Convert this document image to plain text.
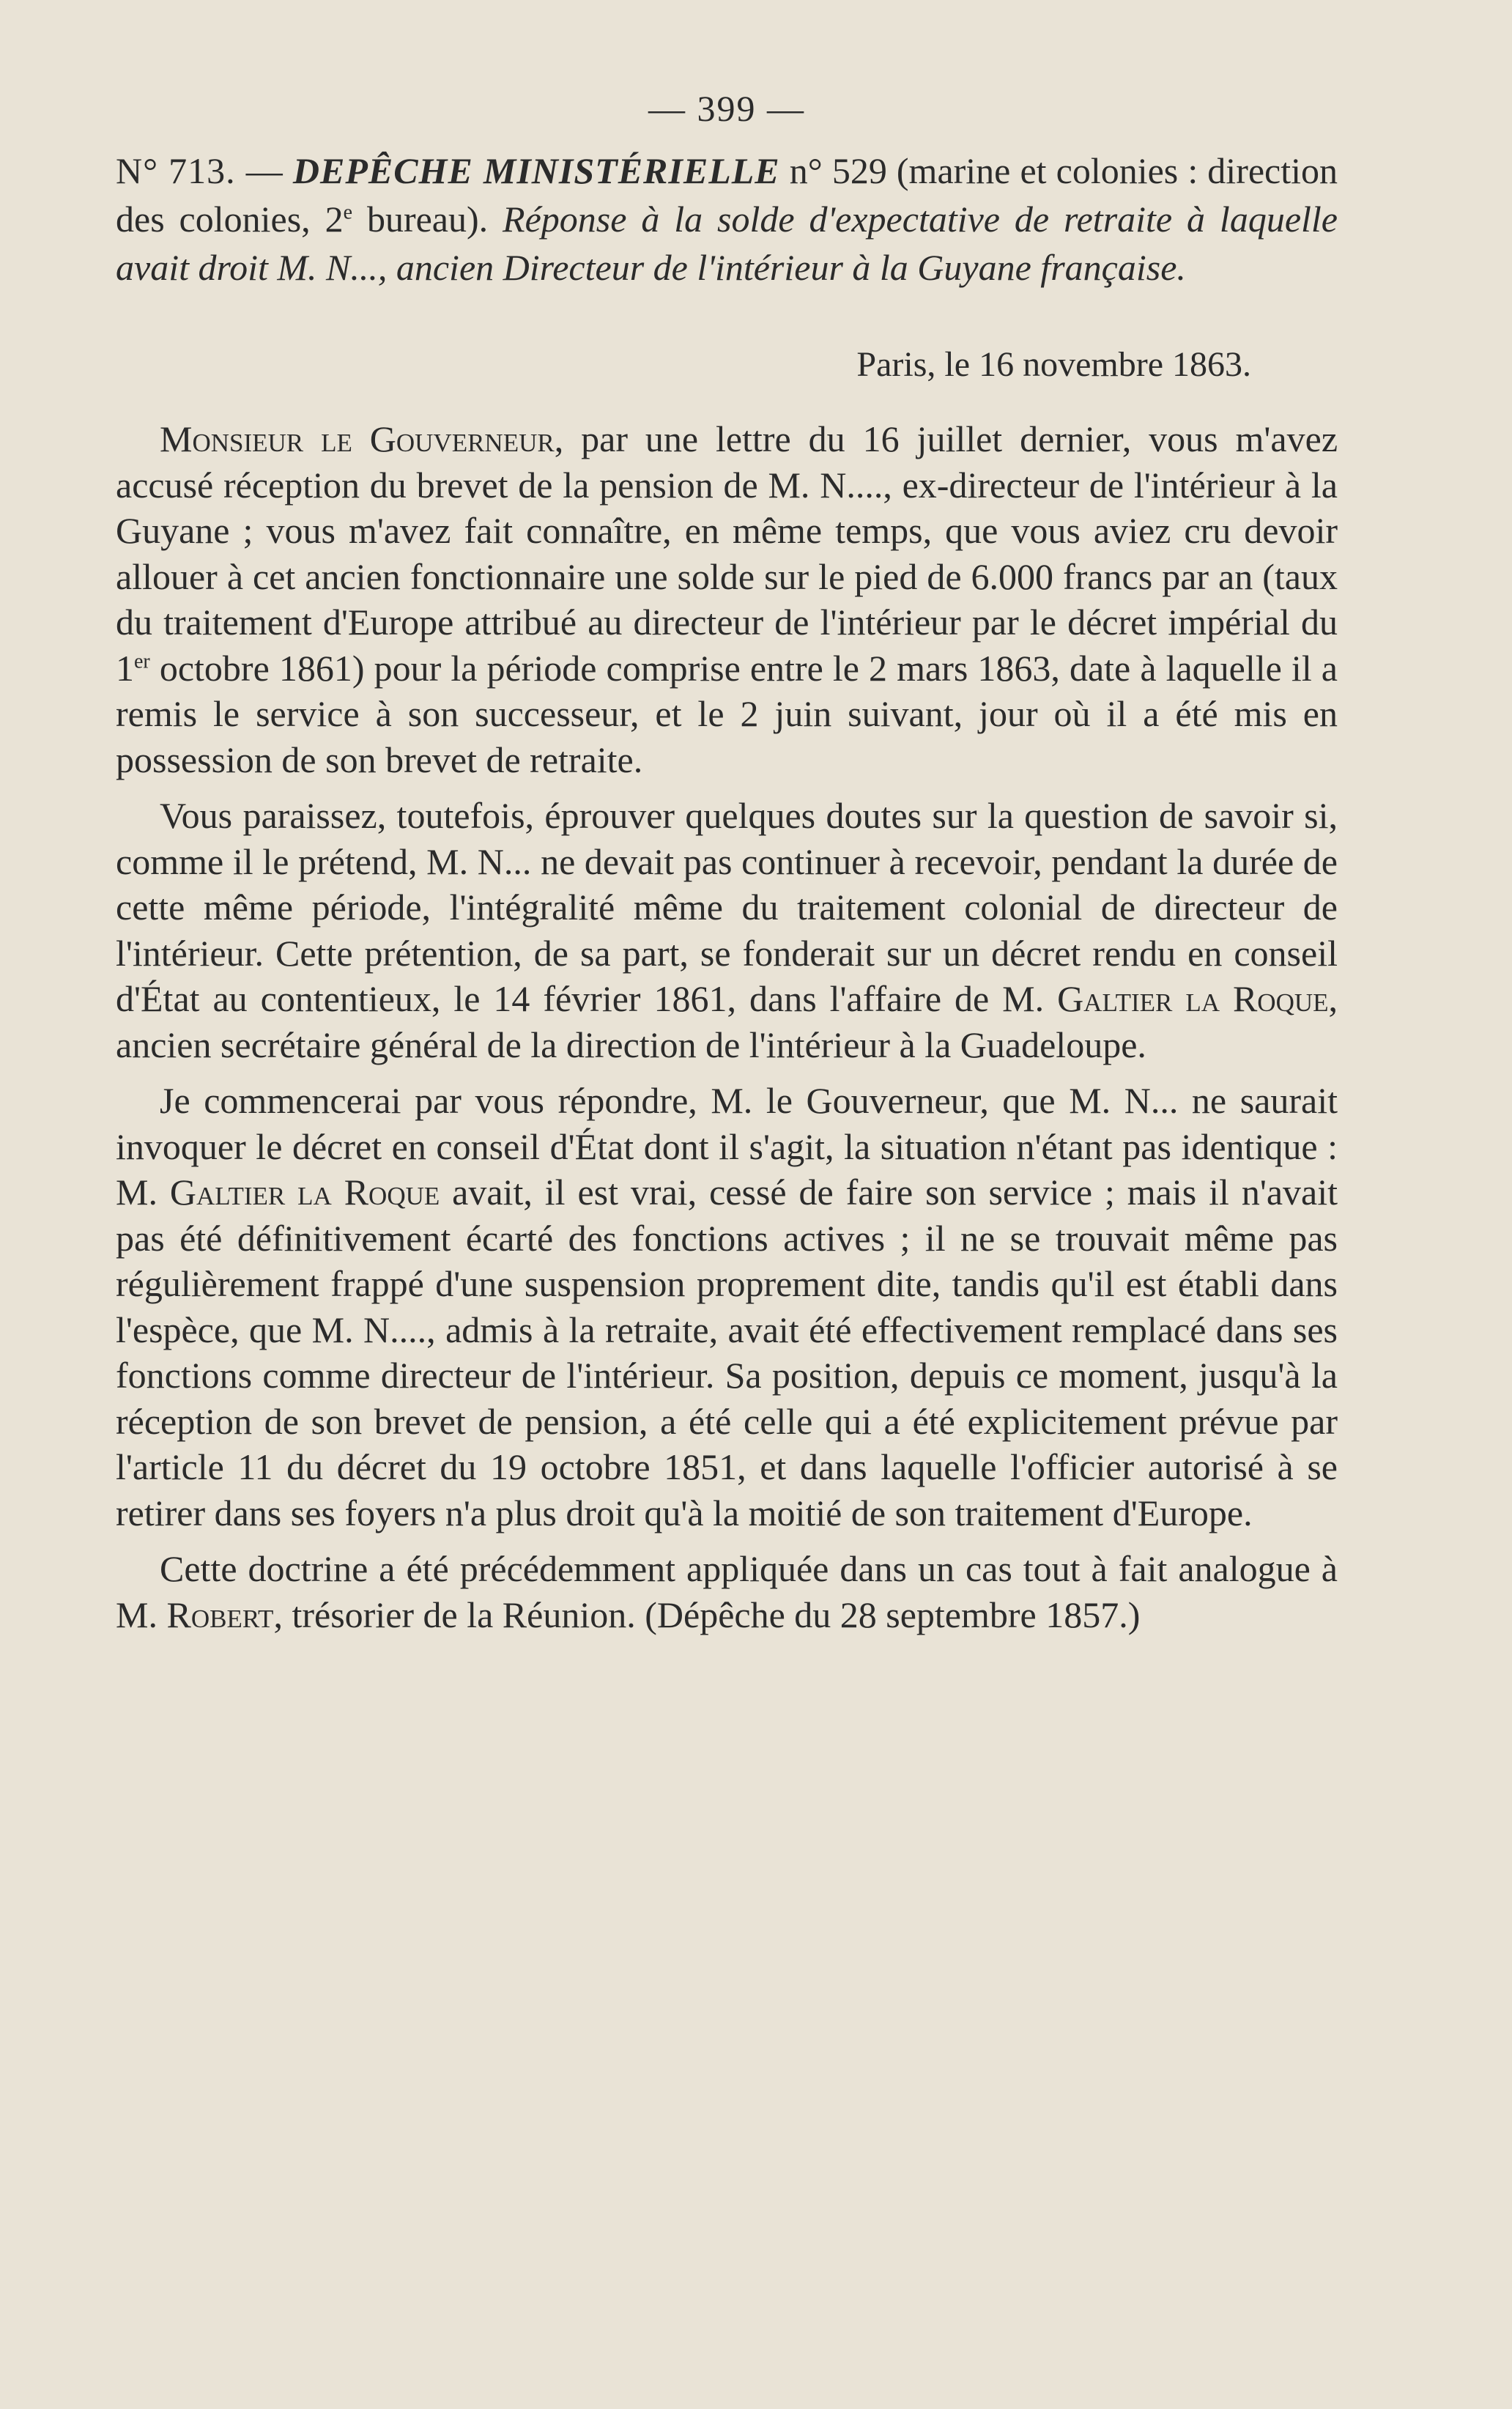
— 399 —

N° 713. — DEPÊCHE MINISTÉRIELLE n° 529 (marine et colonies : direction des colonies, 2e bureau). Réponse à la solde d'expectative de retraite à laquelle avait droit M. N..., ancien Directeur de l'intérieur à la Guyane française.

Paris, le 16 novembre 1863.

Monsieur le Gouverneur, par une lettre du 16 juillet dernier, vous m'avez accusé réception du brevet de la pension de M. N...., ex-directeur de l'intérieur à la Guyane ; vous m'avez fait connaître, en même temps, que vous aviez cru devoir allouer à cet ancien fonctionnaire une solde sur le pied de 6.000 francs par an (taux du traitement d'Europe attribué au directeur de l'intérieur par le décret impérial du 1er octobre 1861) pour la période comprise entre le 2 mars 1863, date à laquelle il a remis le service à son successeur, et le 2 juin suivant, jour où il a été mis en possession de son brevet de retraite.

Vous paraissez, toutefois, éprouver quelques doutes sur la question de savoir si, comme il le prétend, M. N... ne devait pas continuer à recevoir, pendant la durée de cette même période, l'intégralité même du traitement colonial de directeur de l'intérieur. Cette prétention, de sa part, se fonderait sur un décret rendu en conseil d'État au contentieux, le 14 février 1861, dans l'affaire de M. Galtier la Roque, ancien secrétaire général de la direction de l'intérieur à la Guadeloupe.

Je commencerai par vous répondre, M. le Gouverneur, que M. N... ne saurait invoquer le décret en conseil d'État dont il s'agit, la situation n'étant pas identique : M. Galtier la Roque avait, il est vrai, cessé de faire son service ; mais il n'avait pas été définitivement écarté des fonctions actives ; il ne se trouvait même pas régulièrement frappé d'une suspension proprement dite, tandis qu'il est établi dans l'espèce, que M. N...., admis à la retraite, avait été effectivement remplacé dans ses fonctions comme directeur de l'intérieur. Sa position, depuis ce moment, jusqu'à la réception de son brevet de pension, a été celle qui a été explicitement prévue par l'article 11 du décret du 19 octobre 1851, et dans laquelle l'officier autorisé à se retirer dans ses foyers n'a plus droit qu'à la moitié de son traitement d'Europe.

Cette doctrine a été précédemment appliquée dans un cas tout à fait analogue à M. Robert, trésorier de la Réunion. (Dépêche du 28 septembre 1857.)
